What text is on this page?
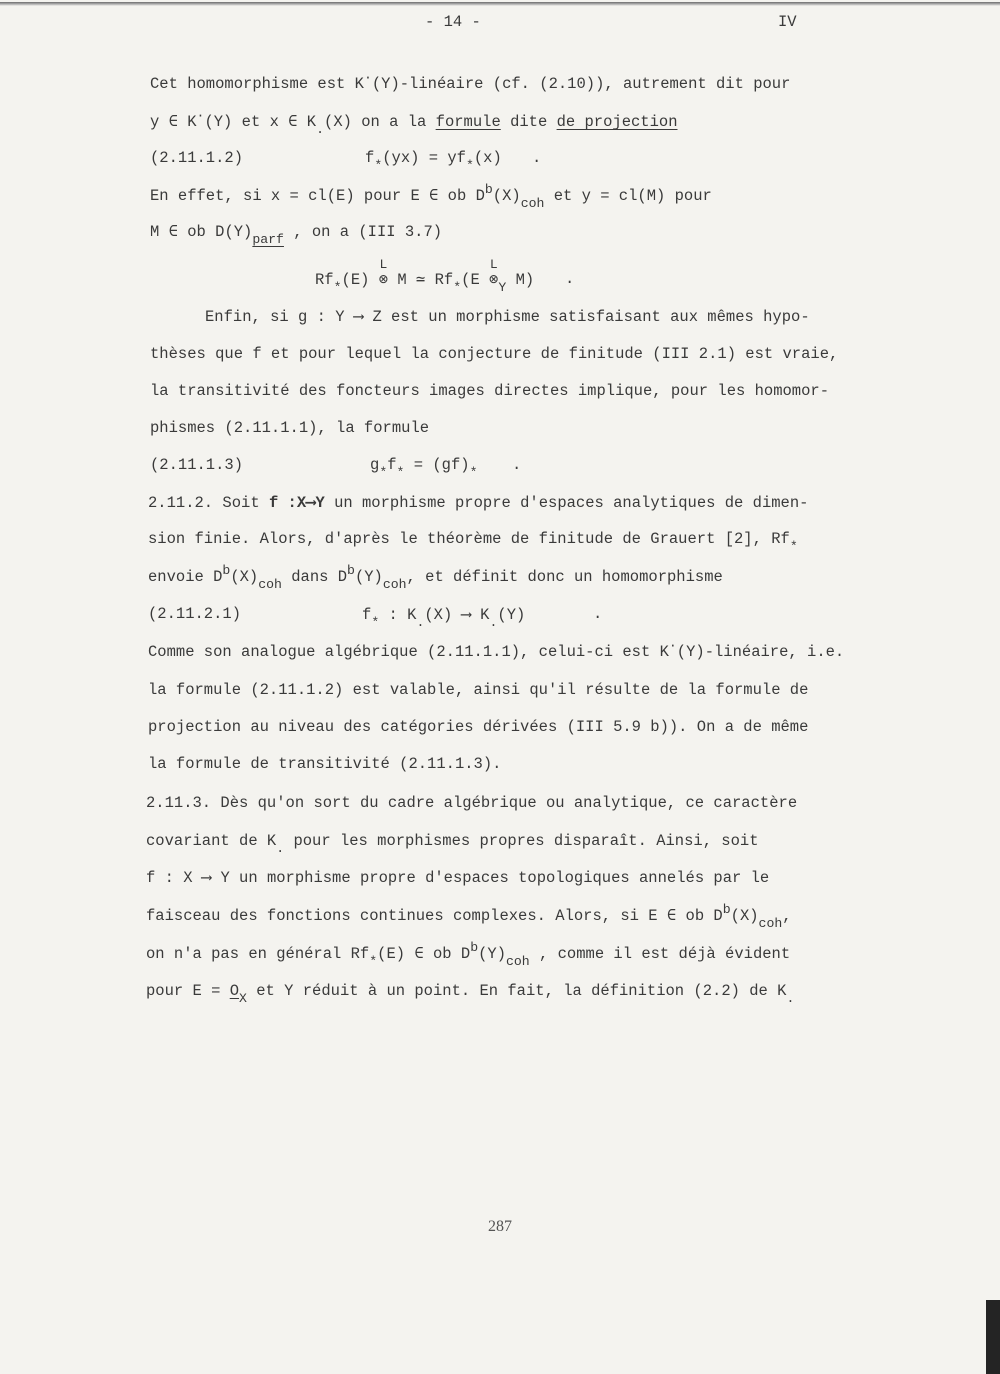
- 14 -	IV
Cet homomorphisme est K·(Y)-linéaire (cf. (2.10)), autrement dit pour
y ∈ K·(Y) et x ∈ $K_.(X)$ on a la formule dite de projection
(2.11.1.2)	$f_*(yx) = yf_*(x)$ .
En effet, si x = cl(E) pour E ∈ ob $D^b(X)_{coh}$ et y = cl(M) pour
M ∈ ob $D(Y)_{parf}$ , on a (III 3.7)
$Rf_*(E)$
L
⊗ M ≃ $Rf_*(E$
L
$\otimes_Y$ M) .
Enfin, si g : Y ⟶ Z est un morphisme satisfaisant aux mêmes hypo-
thèses que f et pour lequel la conjecture de finitude (III 2.1) est vraie,
la transitivité des foncteurs images directes implique, pour les homomor-
phismes (2.11.1.1), la formule
(2.11.1.3)	$g_*f_* = (gf)_*$ .
2.11.2. Soit f :X⟶Y un morphisme propre d'espaces analytiques de dimen-
sion finie. Alors, d'après le théorème de finitude de Grauert [2], $Rf_*$
envoie $D^b(X)_{coh}$ dans $D^b(Y)_{coh}$, et définit donc un homomorphisme
(2.11.2.1)	$f_*$ : $K_.(X)$ ⟶ $K_.(Y)$	.
Comme son analogue algébrique (2.11.1.1), celui-ci est K·(Y)-linéaire, i.e.
la formule (2.11.1.2) est valable, ainsi qu'il résulte de la formule de
projection au niveau des catégories dérivées (III 5.9 b)). On a de même
la formule de transitivité (2.11.1.3).
2.11.3. Dès qu'on sort du cadre algébrique ou analytique, ce caractère
covariant de $K_.$ pour les morphismes propres disparaît. Ainsi, soit
f : X ⟶ Y un morphisme propre d'espaces topologiques annelés par le
faisceau des fonctions continues complexes. Alors, si E ∈ ob $D^b(X)_{coh}$,
on n'a pas en général $Rf_*(E)$ ∈ ob $D^b(Y)_{coh}$ , comme il est déjà évident
pour $E = O_X$ et Y réduit à un point. En fait, la définition (2.2) de $K_.$
287
